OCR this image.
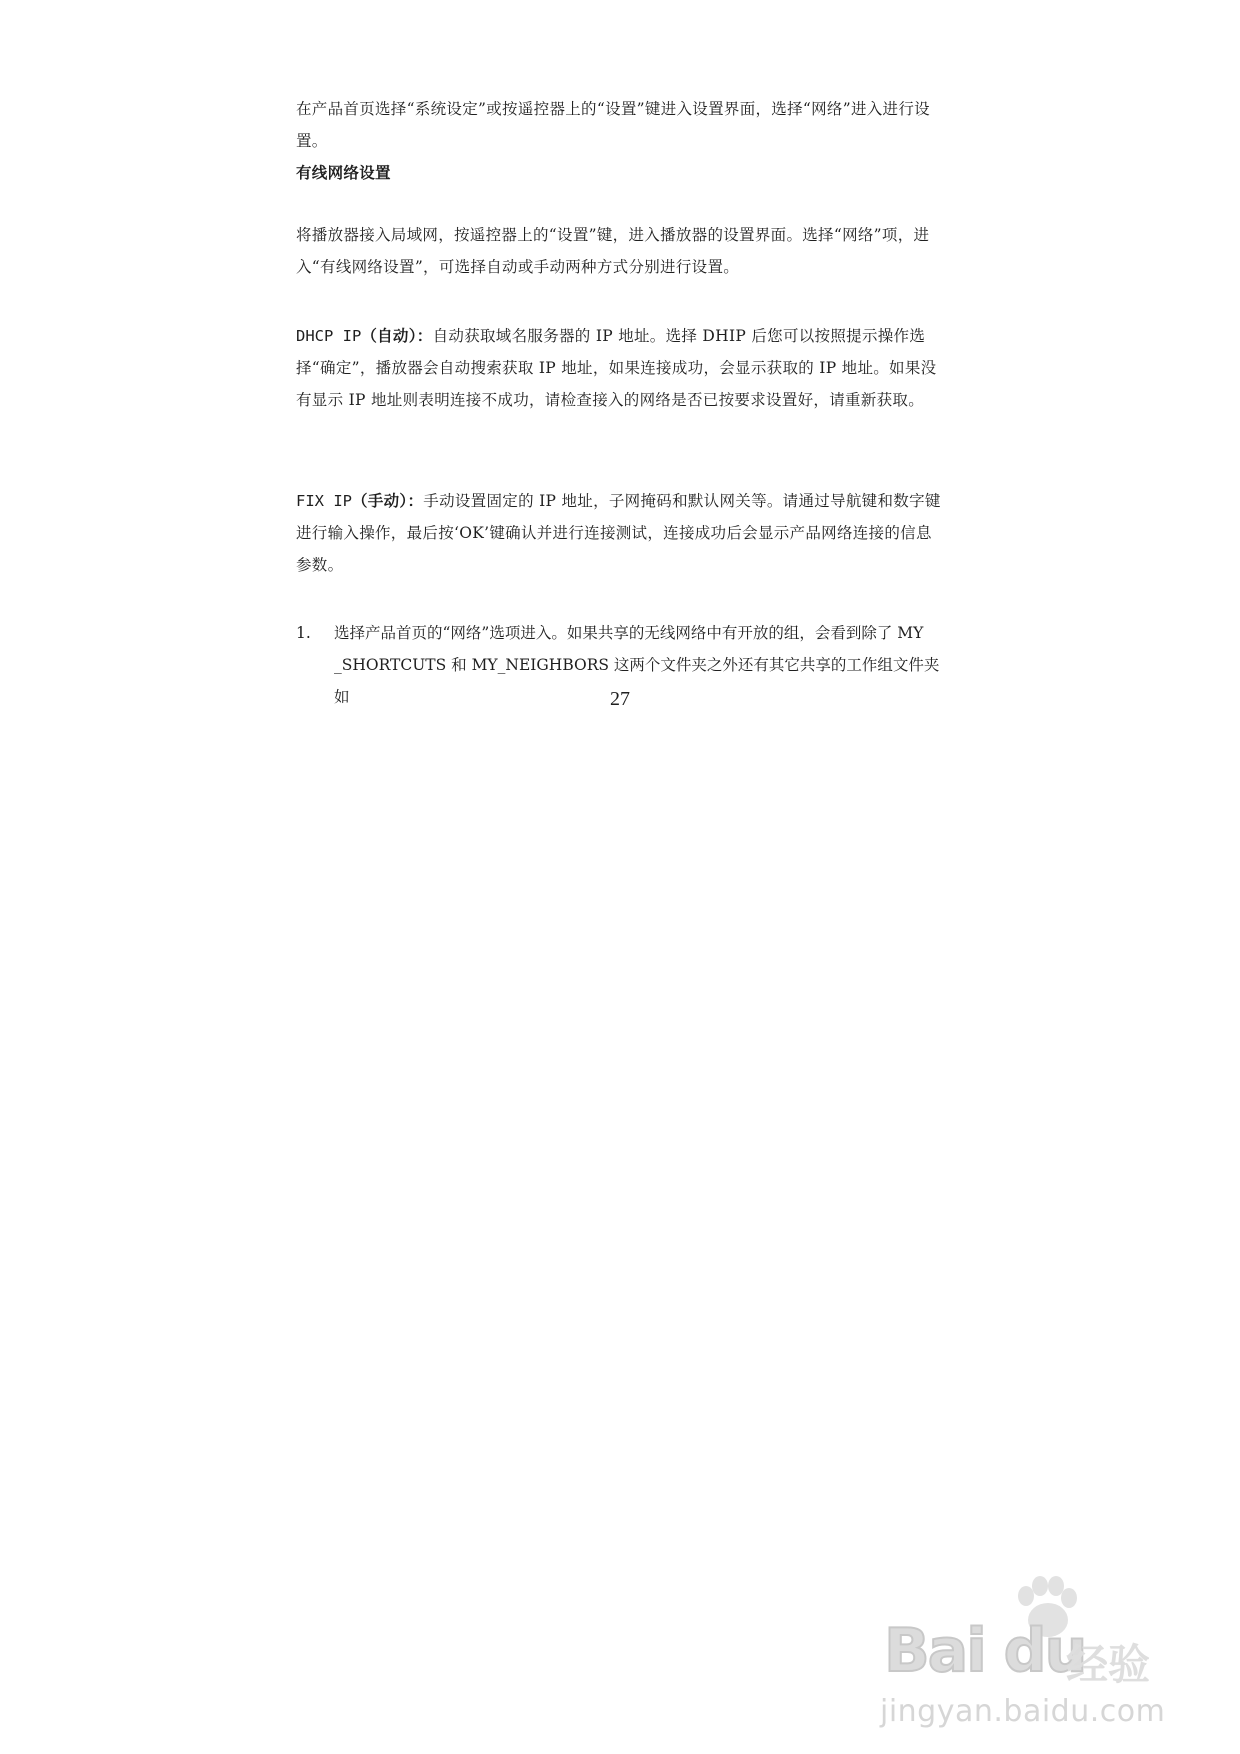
在产品首页选择“系统设定”或按遥控器上的“设置”键进入设置界面，选择“网络”进入进行设置。
有线网络设置
将播放器接入局域网，按遥控器上的“设置”键，进入播放器的设置界面。选择“网络”项，进入“有线网络设置”，可选择自动或手动两种方式分别进行设置。
DHCP IP（自动）：自动获取域名服务器的 IP 地址。选择 DHIP 后您可以按照提示操作选择“确定”，播放器会自动搜索获取 IP 地址，如果连接成功，会显示获取的 IP 地址。如果没有显示 IP 地址则表明连接不成功，请检查接入的网络是否已按要求设置好，请重新获取。
FIX IP（手动）：手动设置固定的 IP 地址，子网掩码和默认网关等。请通过导航键和数字键进行输入操作，最后按‘OK’键确认并进行连接测试，连接成功后会显示产品网络连接的信息参数。
1.	选择产品首页的“网络”选项进入。如果共享的无线网络中有开放的组，会看到除了 MY _SHORTCUTS 和 MY_NEIGHBORS 这两个文件夹之外还有其它共享的工作组文件夹如	27
Bai du
经验
jingyan.baidu.com
